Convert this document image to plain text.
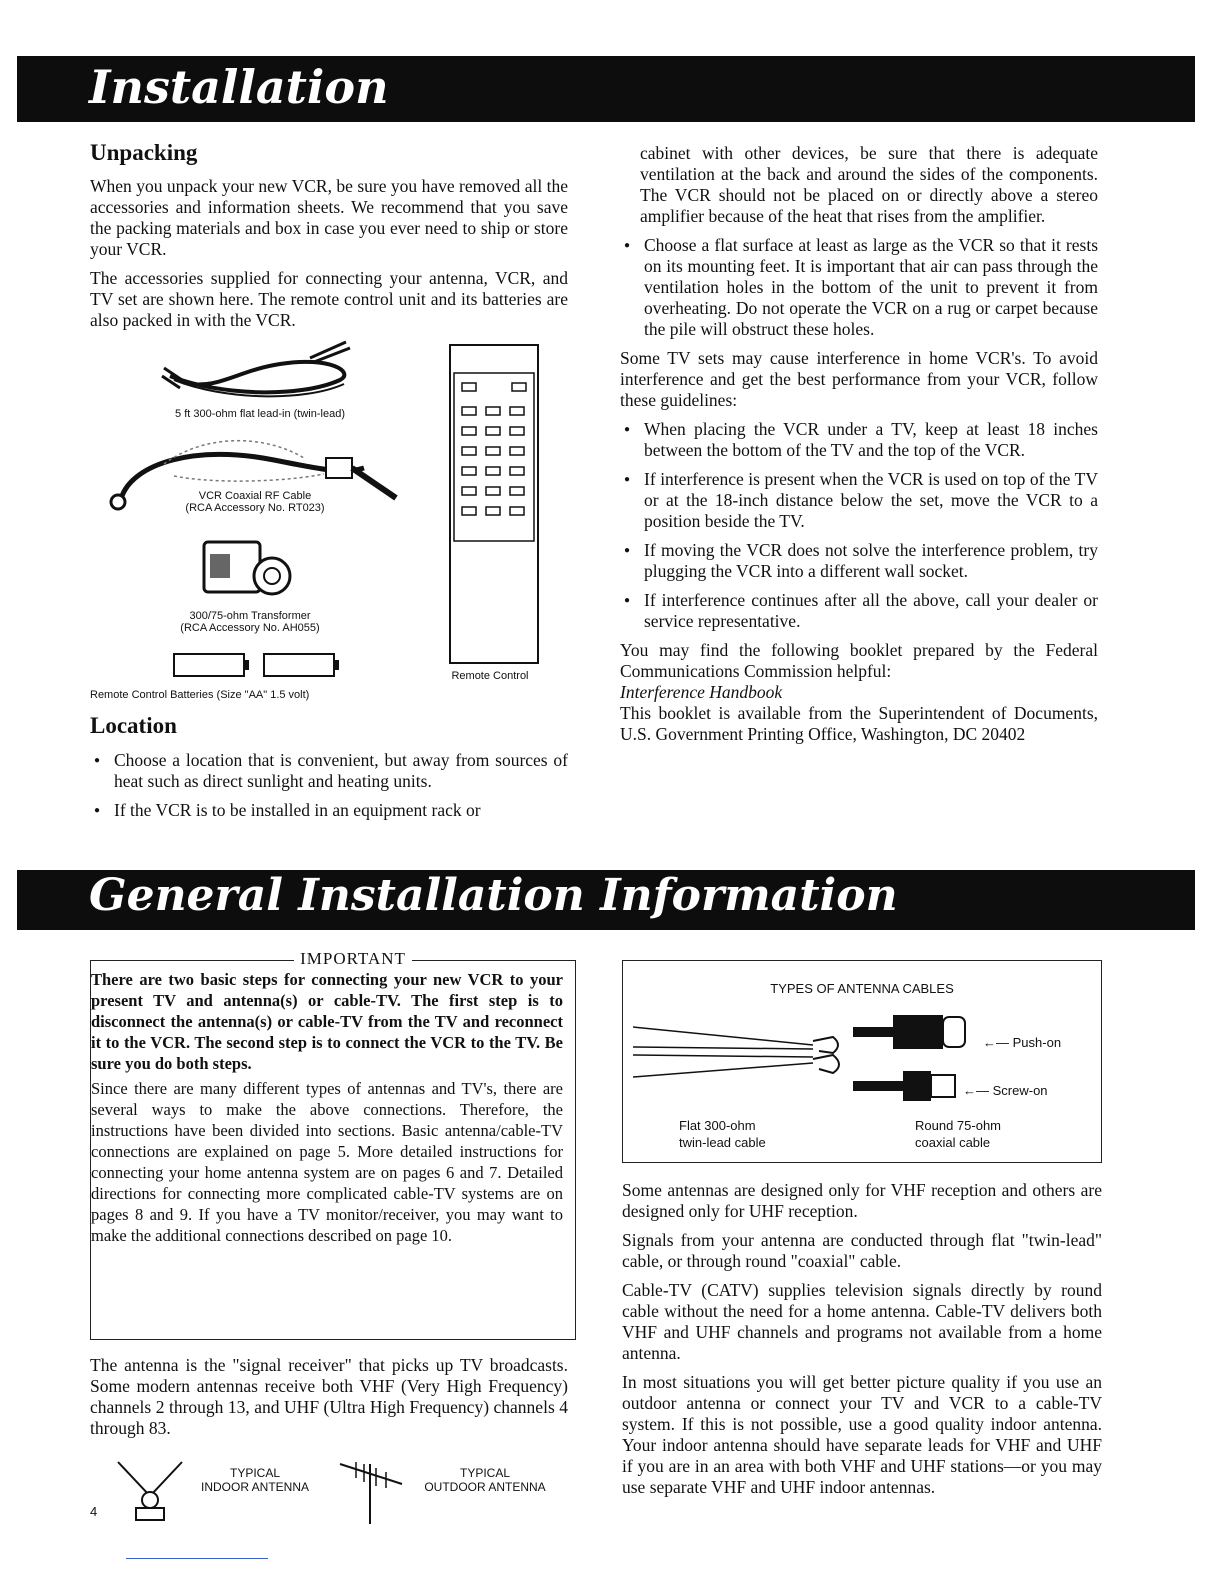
Installation
Unpacking

When you unpack your new VCR, be sure you have removed all the accessories and information sheets. We recommend that you save the packing materials and box in case you ever need to ship or store your VCR.

The accessories supplied for connecting your antenna, VCR, and TV set are shown here. The remote control unit and its batteries are also packed in with the VCR.

5 ft 300-ohm flat lead-in (twin-lead)
VCR Coaxial RF Cable
(RCA Accessory No. RT023)
300/75-ohm Transformer
(RCA Accessory No. AH055)
Remote Control Batteries (Size "AA" 1.5 volt)
Remote Control
Location
● Choose a location that is convenient, but away from sources of heat such as direct sunlight and heating units.
● If the VCR is to be installed in an equipment rack or

cabinet with other devices, be sure that there is adequate ventilation at the back and around the sides of the components. The VCR should not be placed on or directly above a stereo amplifier because of the heat that rises from the amplifier.

● Choose a flat surface at least as large as the VCR so that it rests on its mounting feet. It is important that air can pass through the ventilation holes in the bottom of the unit to prevent it from overheating. Do not operate the VCR on a rug or carpet because the pile will obstruct these holes.

Some TV sets may cause interference in home VCR's. To avoid interference and get the best performance from your VCR, follow these guidelines:

● When placing the VCR under a TV, keep at least 18 inches between the bottom of the TV and the top of the VCR.
● If interference is present when the VCR is used on top of the TV or at the 18-inch distance below the set, move the VCR to a position beside the TV.
● If moving the VCR does not solve the interference problem, try plugging the VCR into a different wall socket.
● If interference continues after all the above, call your dealer or service representative.

You may find the following booklet prepared by the Federal Communications Commission helpful:

Interference Handbook

This booklet is available from the Superintendent of Documents, U.S. Government Printing Office, Washington, DC 20402

General Installation Information
IMPORTANT

There are two basic steps for connecting your new VCR to your present TV and antenna(s) or cable-TV. The first step is to disconnect the antenna(s) or cable-TV from the TV and reconnect it to the VCR. The second step is to connect the VCR to the TV. Be sure you do both steps.

Since there are many different types of antennas and TV's, there are several ways to make the above connections. Therefore, the instructions have been divided into sections. Basic antenna/cable-TV connections are explained on page 5. More detailed instructions for connecting your home antenna system are on pages 6 and 7. Detailed directions for connecting more complicated cable-TV systems are on pages 8 and 9. If you have a TV monitor/receiver, you may want to make the additional connections described on page 10.

The antenna is the "signal receiver" that picks up TV broadcasts. Some modern antennas receive both VHF (Very High Frequency) channels 2 through 13, and UHF (Ultra High Frequency) channels 4 through 83.

TYPICAL
INDOOR ANTENNA
TYPICAL
OUTDOOR ANTENNA
4
TYPES OF ANTENNA CABLES
←— Push-on
←— Screw-on
Flat 300-ohm
twin-lead cable
Round 75-ohm
coaxial cable

Some antennas are designed only for VHF reception and others are designed only for UHF reception.

Signals from your antenna are conducted through flat "twin-lead" cable, or through round "coaxial" cable.

Cable-TV (CATV) supplies television signals directly by round cable without the need for a home antenna. Cable-TV delivers both VHF and UHF channels and programs not available from a home antenna.

In most situations you will get better picture quality if you use an outdoor antenna or connect your TV and VCR to a cable-TV system. If this is not possible, use a good quality indoor antenna. Your indoor antenna should have separate leads for VHF and UHF if you are in an area with both VHF and UHF stations—or you may use separate VHF and UHF indoor antennas.
